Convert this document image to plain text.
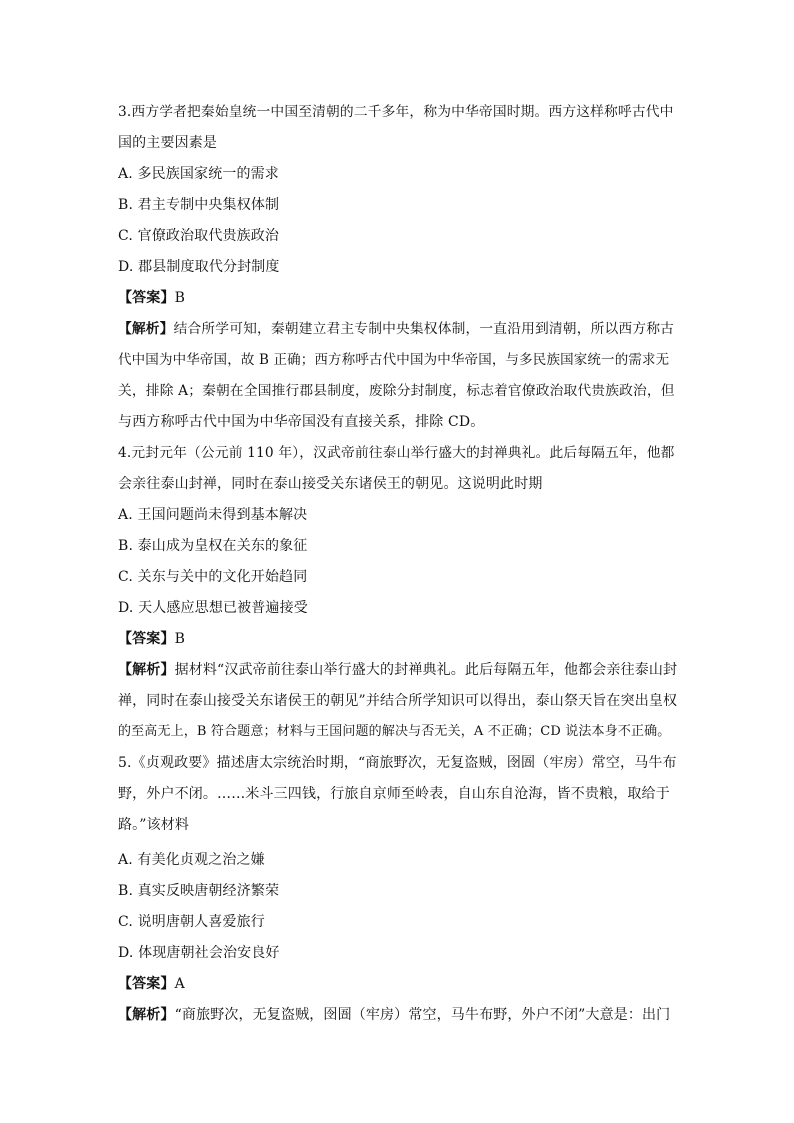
3.西方学者把秦始皇统一中国至清朝的二千多年，称为中华帝国时期。西方这样称呼古代中
国的主要因素是
A. 多民族国家统一的需求
B. 君主专制中央集权体制
C. 官僚政治取代贵族政治
D. 郡县制度取代分封制度
【答案】B
【解析】结合所学可知，秦朝建立君主专制中央集权体制，一直沿用到清朝，所以西方称古
代中国为中华帝国，故 B 正确；西方称呼古代中国为中华帝国，与多民族国家统一的需求无
关，排除 A；秦朝在全国推行郡县制度，废除分封制度，标志着官僚政治取代贵族政治，但
与西方称呼古代中国为中华帝国没有直接关系，排除 CD。
4.元封元年（公元前 110 年），汉武帝前往泰山举行盛大的封禅典礼。此后每隔五年，他都
会亲往泰山封禅，同时在泰山接受关东诸侯王的朝见。这说明此时期
A. 王国问题尚未得到基本解决
B. 泰山成为皇权在关东的象征
C. 关东与关中的文化开始趋同
D. 天人感应思想已被普遍接受
【答案】B
【解析】据材料“汉武帝前往泰山举行盛大的封禅典礼。此后每隔五年，他都会亲往泰山封
禅，同时在泰山接受关东诸侯王的朝见”并结合所学知识可以得出，泰山祭天旨在突出皇权
的至高无上，B 符合题意；材料与王国问题的解决与否无关，A 不正确；CD 说法本身不正确。
5.《贞观政要》描述唐太宗统治时期，“商旅野次，无复盗贼，囹圄（牢房）常空，马牛布
野，外户不闭。……米斗三四钱，行旅自京师至岭表，自山东自沧海，皆不贵粮，取给于
路。”该材料
A. 有美化贞观之治之嫌
B. 真实反映唐朝经济繁荣
C. 说明唐朝人喜爱旅行
D. 体现唐朝社会治安良好
【答案】A
【解析】“商旅野次，无复盗贼，囹圄（牢房）常空，马牛布野，外户不闭”大意是：出门
